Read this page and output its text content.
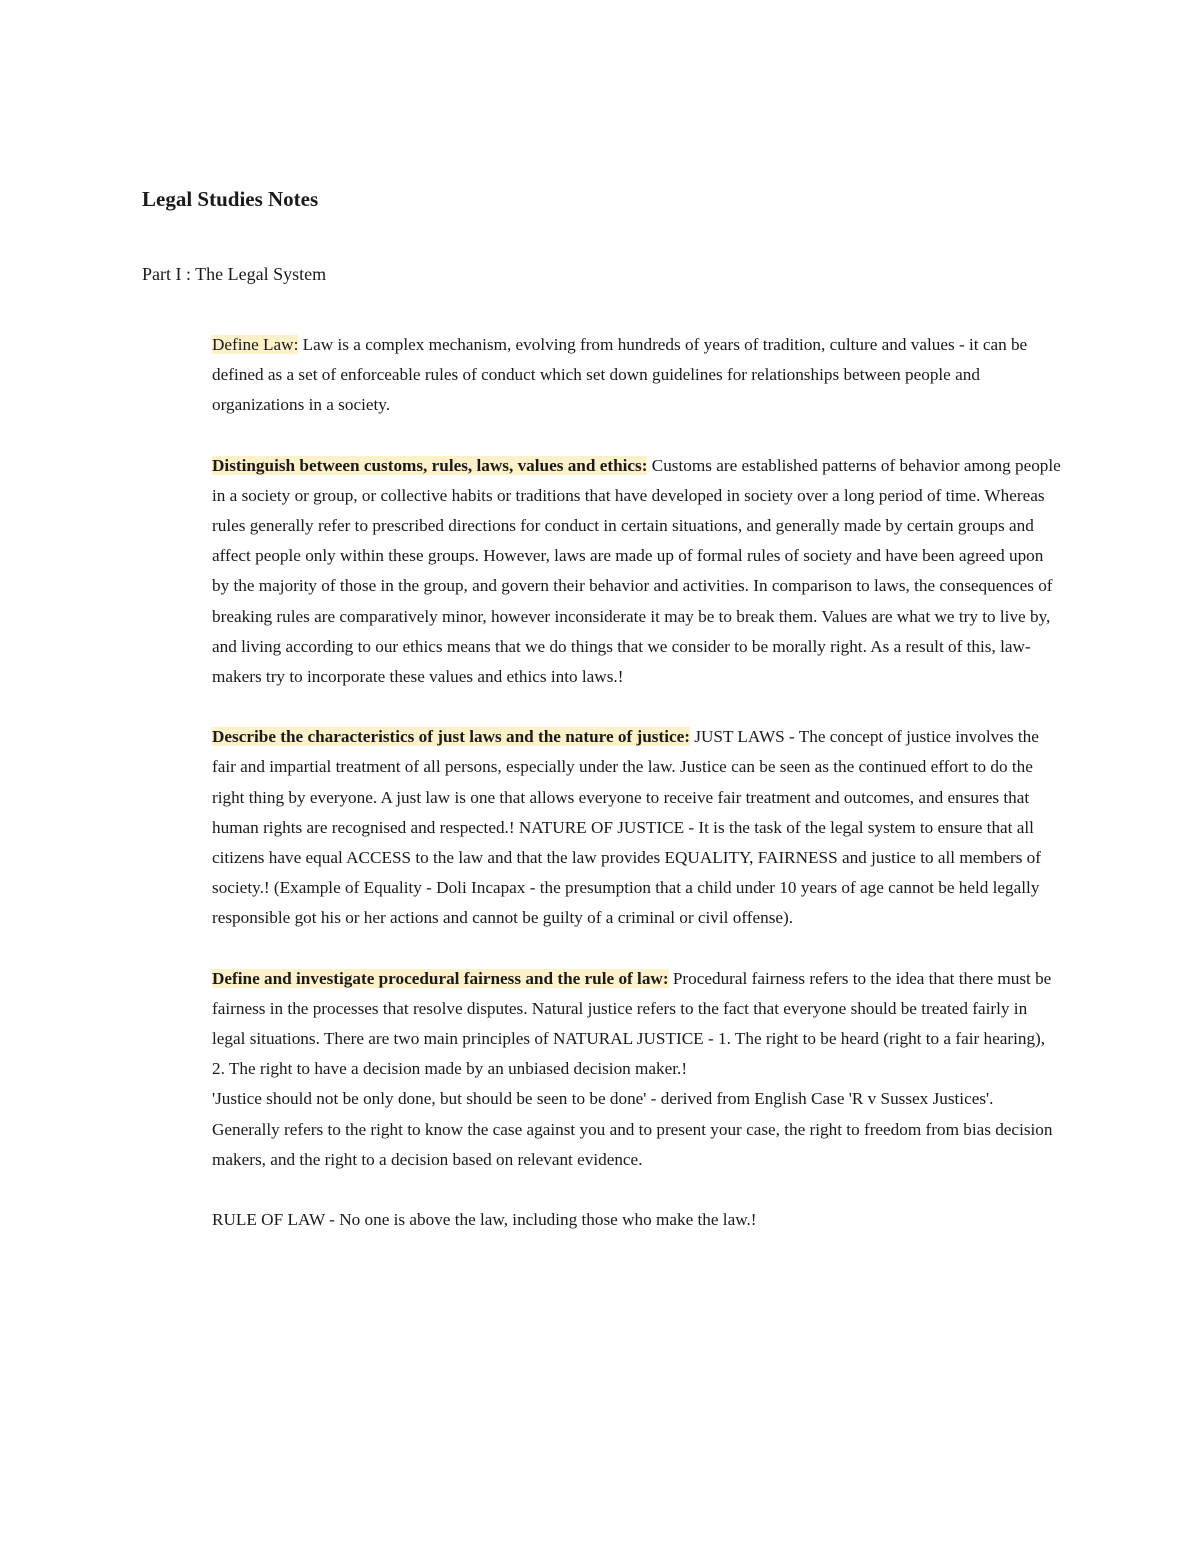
Legal Studies Notes
Part I : The Legal System

Define Law: Law is a complex mechanism, evolving from hundreds of years of tradition, culture and values - it can be defined as a set of enforceable rules of conduct which set down guidelines for relationships between people and organizations in a society.

Distinguish between customs, rules, laws, values and ethics: Customs are established patterns of behavior among people in a society or group, or collective habits or traditions that have developed in society over a long period of time. Whereas rules generally refer to prescribed directions for conduct in certain situations, and generally made by certain groups and affect people only within these groups. However, laws are made up of formal rules of society and have been agreed upon by the majority of those in the group, and govern their behavior and activities. In comparison to laws, the consequences of breaking rules are comparatively minor, however inconsiderate it may be to break them. Values are what we try to live by, and living according to our ethics means that we do things that we consider to be morally right. As a result of this, law-makers try to incorporate these values and ethics into laws.!

Describe the characteristics of just laws and the nature of justice: JUST LAWS - The concept of justice involves the fair and impartial treatment of all persons, especially under the law. Justice can be seen as the continued effort to do the right thing by everyone. A just law is one that allows everyone to receive fair treatment and outcomes, and ensures that human rights are recognised and respected.! NATURE OF JUSTICE - It is the task of the legal system to ensure that all citizens have equal ACCESS to the law and that the law provides EQUALITY, FAIRNESS and justice to all members of society.! (Example of Equality - Doli Incapax - the presumption that a child under 10 years of age cannot be held legally responsible got his or her actions and cannot be guilty of a criminal or civil offense).

Define and investigate procedural fairness and the rule of law: Procedural fairness refers to the idea that there must be fairness in the processes that resolve disputes. Natural justice refers to the fact that everyone should be treated fairly in legal situations. There are two main principles of NATURAL JUSTICE - 1. The right to be heard (right to a fair hearing), 2. The right to have a decision made by an unbiased decision maker.!

'Justice should not be only done, but should be seen to be done' - derived from English Case 'R v Sussex Justices'.

Generally refers to the right to know the case against you and to present your case, the right to freedom from bias decision makers, and the right to a decision based on relevant evidence.

RULE OF LAW - No one is above the law, including those who make the law.!
